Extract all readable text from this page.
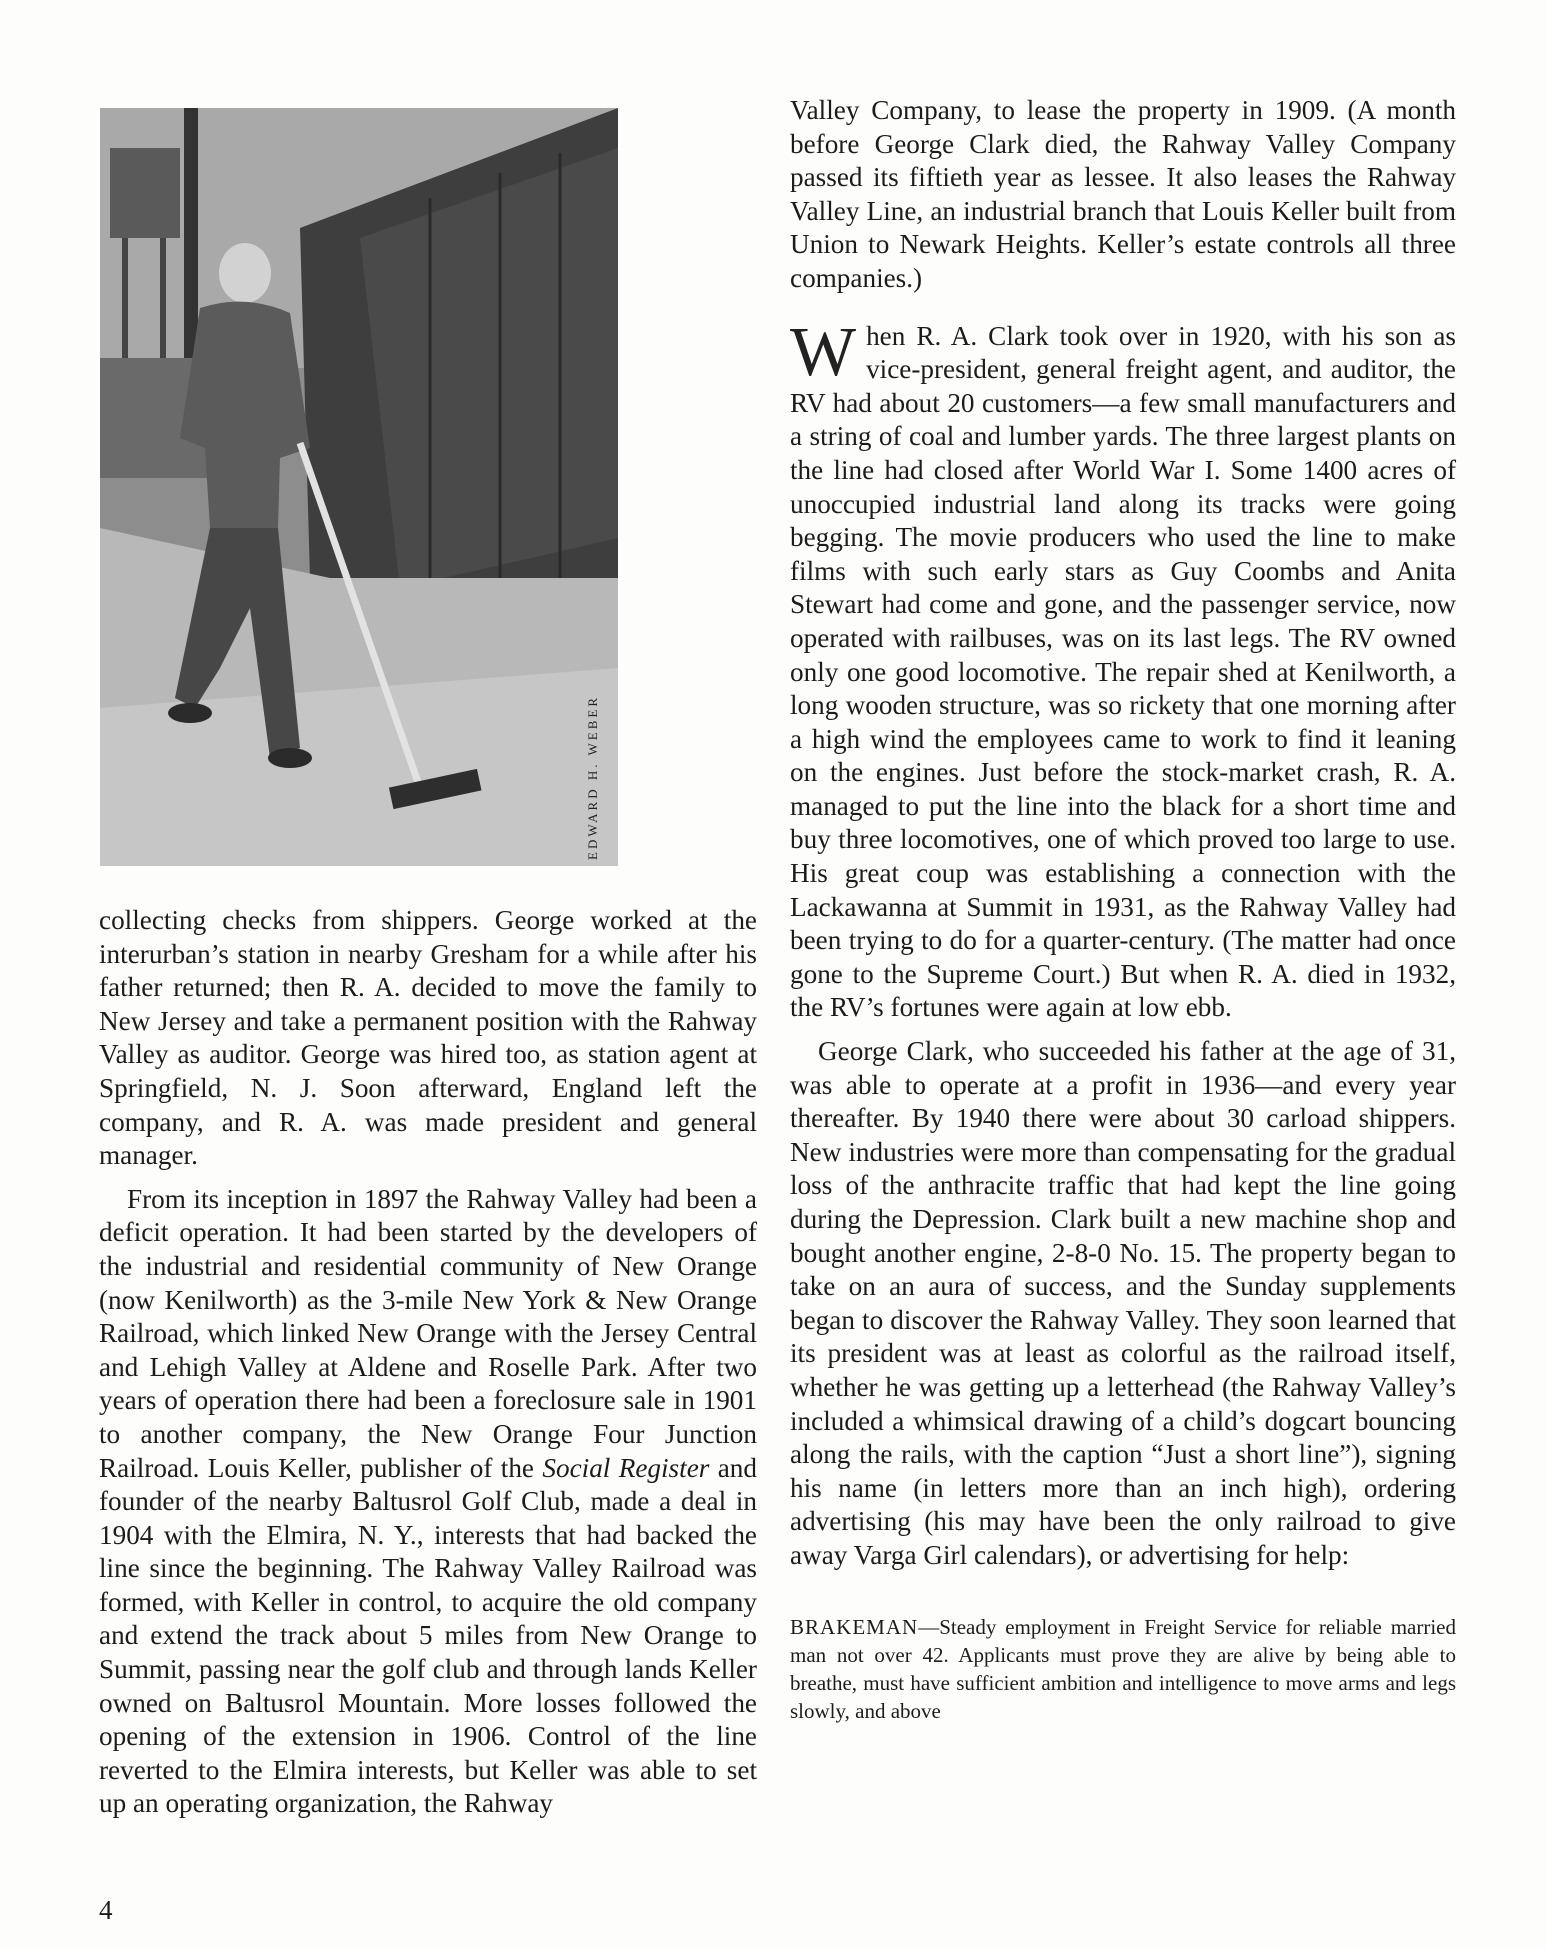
EDWARD H. WEBER

collecting checks from shippers. George worked at the interurban’s station in nearby Gresham for a while after his father returned; then R. A. decided to move the family to New Jersey and take a permanent position with the Rahway Valley as auditor. George was hired too, as station agent at Springfield, N. J. Soon afterward, England left the company, and R. A. was made president and general manager.

From its inception in 1897 the Rahway Valley had been a deficit operation. It had been started by the developers of the industrial and residential community of New Orange (now Kenilworth) as the 3-mile New York & New Orange Railroad, which linked New Orange with the Jersey Central and Lehigh Valley at Aldene and Roselle Park. After two years of operation there had been a foreclosure sale in 1901 to another company, the New Orange Four Junction Railroad. Louis Keller, publisher of the Social Register and founder of the nearby Baltusrol Golf Club, made a deal in 1904 with the Elmira, N. Y., interests that had backed the line since the beginning. The Rahway Valley Railroad was formed, with Keller in control, to acquire the old company and extend the track about 5 miles from New Orange to Summit, passing near the golf club and through lands Keller owned on Baltusrol Mountain. More losses followed the opening of the extension in 1906. Control of the line reverted to the Elmira interests, but Keller was able to set up an operating organization, the Rahway

Valley Company, to lease the property in 1909. (A month before George Clark died, the Rahway Valley Company passed its fiftieth year as lessee. It also leases the Rahway Valley Line, an industrial branch that Louis Keller built from Union to Newark Heights. Keller’s estate controls all three companies.)

When R. A. Clark took over in 1920, with his son as vice-president, general freight agent, and auditor, the RV had about 20 customers—a few small manufacturers and a string of coal and lumber yards. The three largest plants on the line had closed after World War I. Some 1400 acres of unoccupied industrial land along its tracks were going begging. The movie producers who used the line to make films with such early stars as Guy Coombs and Anita Stewart had come and gone, and the passenger service, now operated with railbuses, was on its last legs. The RV owned only one good locomotive. The repair shed at Kenilworth, a long wooden structure, was so rickety that one morning after a high wind the employees came to work to find it leaning on the engines. Just before the stock-market crash, R. A. managed to put the line into the black for a short time and buy three locomotives, one of which proved too large to use. His great coup was establishing a connection with the Lackawanna at Summit in 1931, as the Rahway Valley had been trying to do for a quarter-century. (The matter had once gone to the Supreme Court.) But when R. A. died in 1932, the RV’s fortunes were again at low ebb.

George Clark, who succeeded his father at the age of 31, was able to operate at a profit in 1936—and every year thereafter. By 1940 there were about 30 carload shippers. New industries were more than compensating for the gradual loss of the anthracite traffic that had kept the line going during the Depression. Clark built a new machine shop and bought another engine, 2-8-0 No. 15. The property began to take on an aura of success, and the Sunday supplements began to discover the Rahway Valley. They soon learned that its president was at least as colorful as the railroad itself, whether he was getting up a letterhead (the Rahway Valley’s included a whimsical drawing of a child’s dogcart bouncing along the rails, with the caption “Just a short line”), signing his name (in letters more than an inch high), ordering advertising (his may have been the only railroad to give away Varga Girl calendars), or advertising for help:

BRAKEMAN—Steady employment in Freight Service for reliable married man not over 42. Applicants must prove they are alive by being able to breathe, must have sufficient ambition and intelligence to move arms and legs slowly, and above

4
